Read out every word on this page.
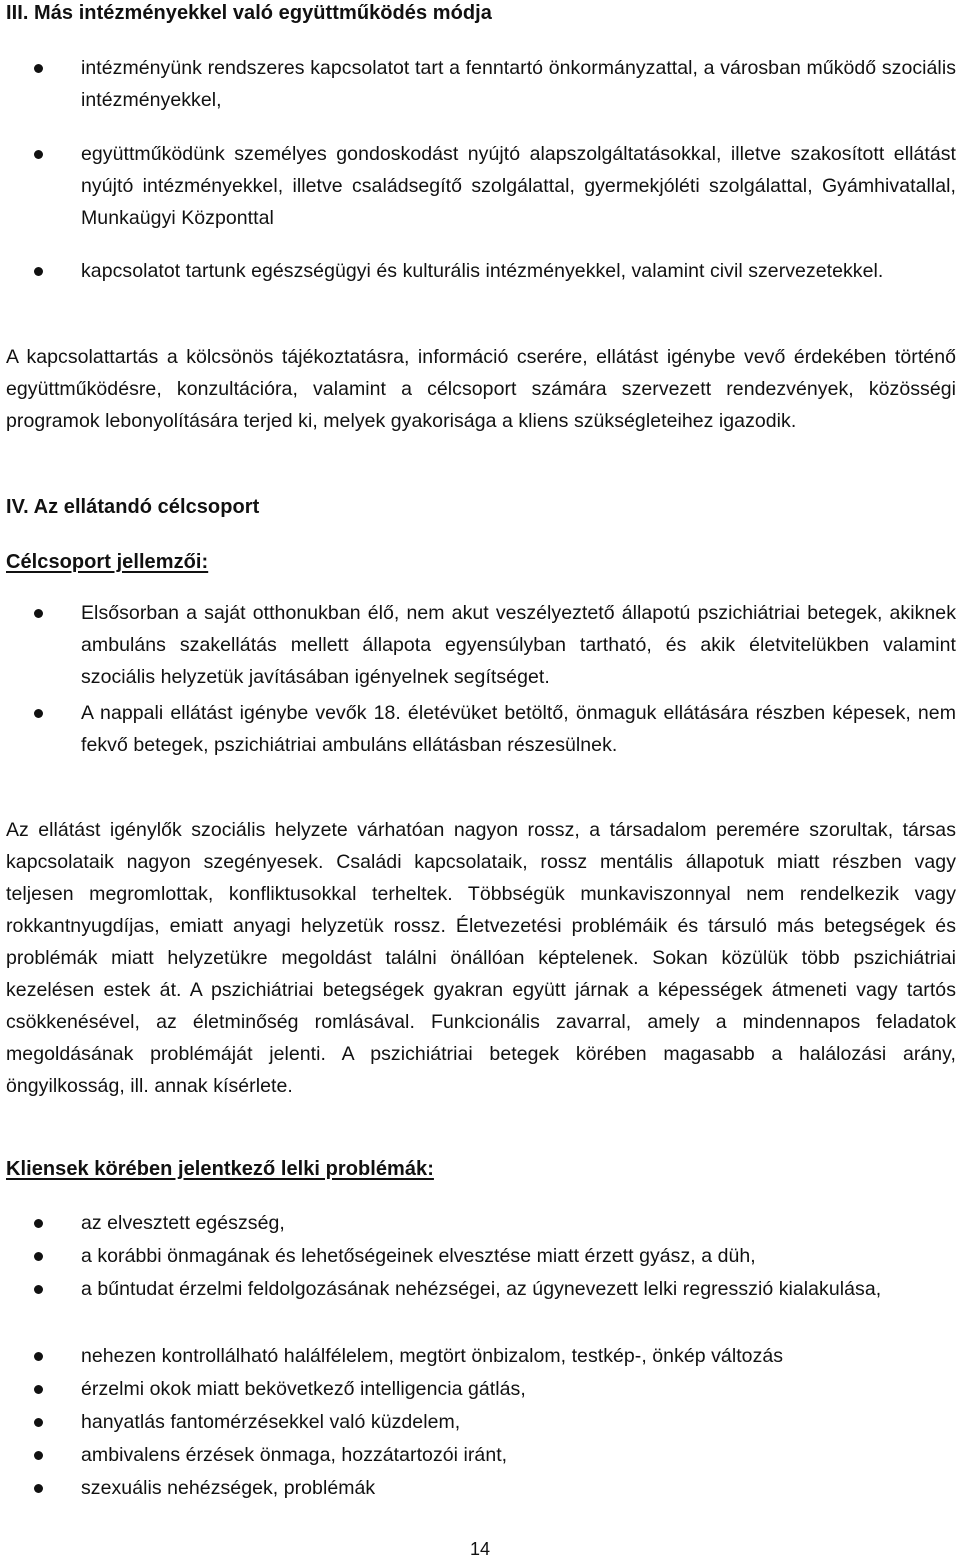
III. Más intézményekkel való együttműködés módja
intézményünk rendszeres kapcsolatot tart a fenntartó önkormányzattal, a városban működő szociális intézményekkel,
együttműködünk személyes gondoskodást nyújtó alapszolgáltatásokkal, illetve szakosított ellátást nyújtó intézményekkel, illetve családsegítő szolgálattal, gyermekjóléti szolgálattal, Gyámhivatallal, Munkaügyi Központtal
kapcsolatot tartunk egészségügyi és kulturális intézményekkel, valamint civil szervezetekkel.
A kapcsolattartás a kölcsönös tájékoztatásra, információ cserére, ellátást igénybe vevő érdekében történő együttműködésre, konzultációra, valamint a célcsoport számára szervezett rendezvények, közösségi programok lebonyolítására terjed ki, melyek gyakorisága a kliens szükségleteihez igazodik.
IV. Az ellátandó célcsoport
Célcsoport jellemzői:
Elsősorban a saját otthonukban élő, nem akut veszélyeztető állapotú pszichiátriai betegek, akiknek ambuláns szakellátás mellett állapota egyensúlyban tartható, és akik életvitelükben valamint szociális helyzetük javításában igényelnek segítséget.
A nappali ellátást igénybe vevők 18. életévüket betöltő, önmaguk ellátására részben képesek, nem fekvő betegek, pszichiátriai ambuláns ellátásban részesülnek.
Az ellátást igénylők szociális helyzete várhatóan nagyon rossz, a társadalom peremére szorultak, társas kapcsolataik nagyon szegényesek. Családi kapcsolataik, rossz mentális állapotuk miatt részben vagy teljesen megromlottak, konfliktusokkal terheltek. Többségük munkaviszonnyal nem rendelkezik vagy rokkantnyugdíjas, emiatt anyagi helyzetük rossz. Életvezetési problémáik és társuló más betegségek és problémák miatt helyzetükre megoldást találni önállóan képtelenek. Sokan közülük több pszichiátriai kezelésen estek át. A pszichiátriai betegségek gyakran együtt járnak a képességek átmeneti vagy tartós csökkenésével, az életminőség romlásával. Funkcionális zavarral, amely a mindennapos feladatok megoldásának problémáját jelenti. A pszichiátriai betegek körében magasabb a halálozási arány, öngyilkosság, ill. annak kísérlete.
Kliensek körében jelentkező lelki problémák:
az elvesztett egészség,
a korábbi önmagának és lehetőségeinek elvesztése miatt érzett gyász, a düh,
a bűntudat érzelmi feldolgozásának nehézségei, az úgynevezett lelki regresszió kialakulása,
nehezen kontrollálható halálfélelem, megtört önbizalom, testkép-, önkép változás
érzelmi okok miatt bekövetkező intelligencia gátlás,
hanyatlás fantomérzésekkel való küzdelem,
ambivalens érzések önmaga, hozzátartozói iránt,
szexuális nehézségek, problémák
14
